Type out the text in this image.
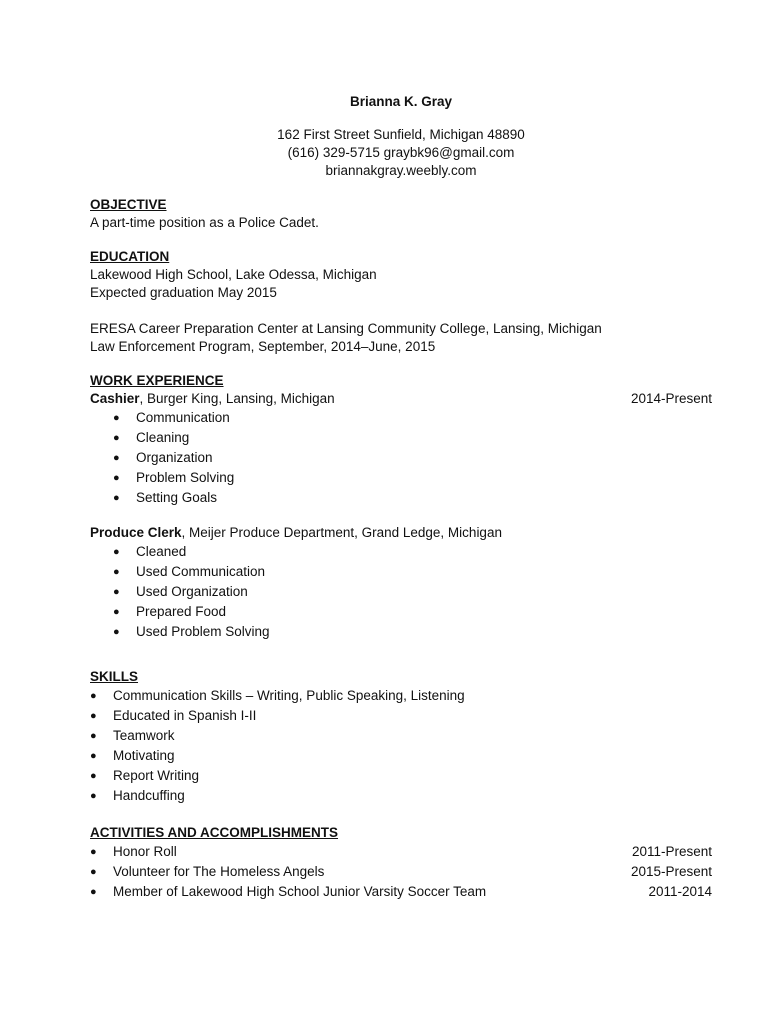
Brianna K. Gray
162 First Street Sunfield, Michigan 48890
(616) 329-5715 graybk96@gmail.com
briannakgray.weebly.com
OBJECTIVE
A part-time position as a Police Cadet.
EDUCATION
Lakewood High School, Lake Odessa, Michigan
Expected graduation May 2015
ERESA Career Preparation Center at Lansing Community College, Lansing, Michigan
Law Enforcement Program, September, 2014–June, 2015
WORK EXPERIENCE
Cashier, Burger King, Lansing, Michigan	2014-Present
● Communication
● Cleaning
● Organization
● Problem Solving
● Setting Goals
Produce Clerk, Meijer Produce Department, Grand Ledge, Michigan
● Cleaned
● Used Communication
● Used Organization
● Prepared Food
● Used Problem Solving
SKILLS
● Communication Skills – Writing, Public Speaking, Listening
● Educated in Spanish I-II
● Teamwork
● Motivating
● Report Writing
● Handcuffing
ACTIVITIES AND ACCOMPLISHMENTS
● Honor Roll	2011-Present
● Volunteer for The Homeless Angels	2015-Present
● Member of Lakewood High School Junior Varsity Soccer Team	2011-2014
